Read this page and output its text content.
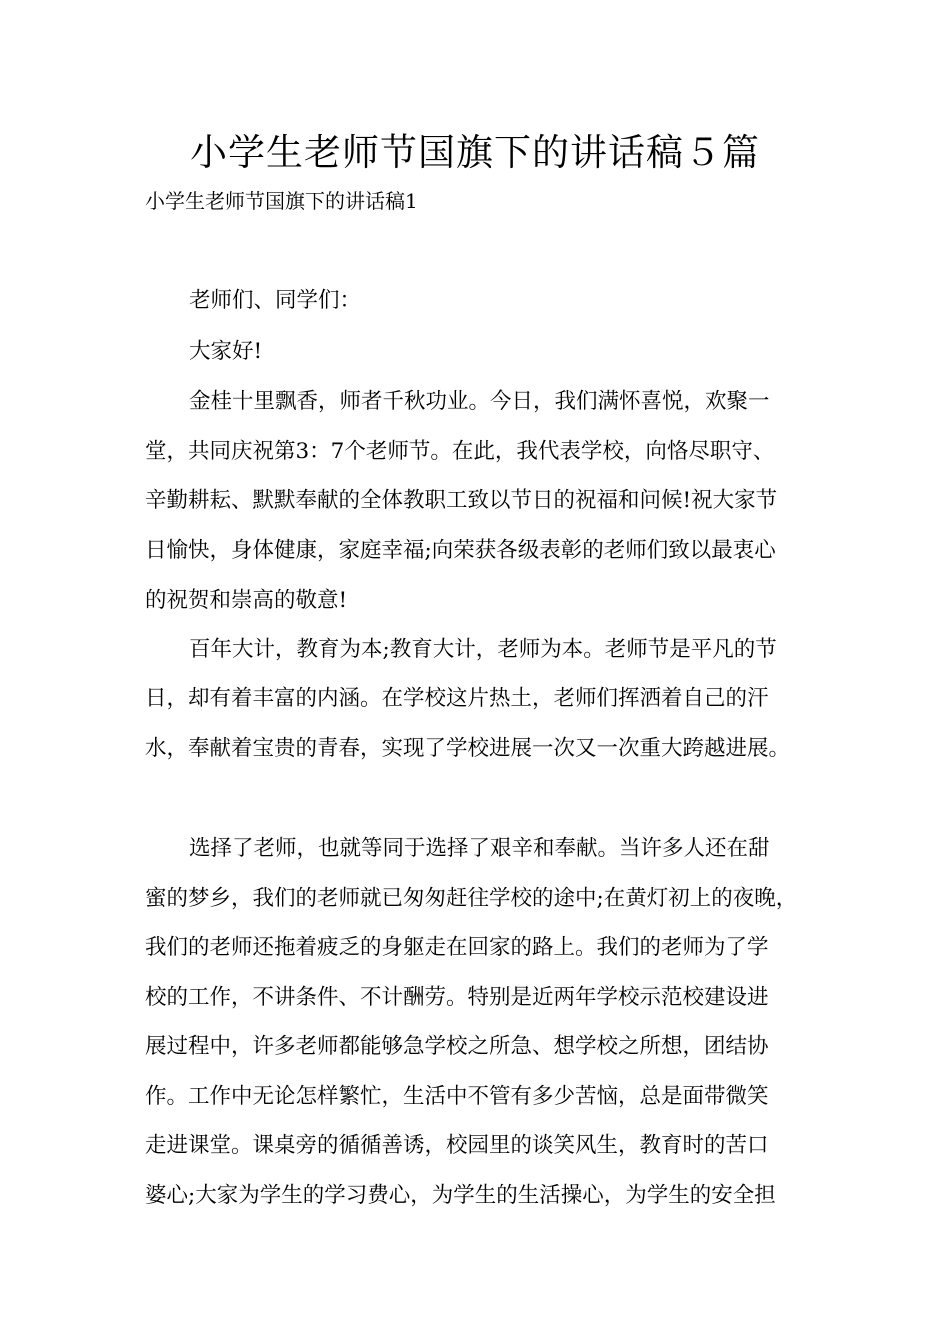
小学生老师节国旗下的讲话稿５篇
小学生老师节国旗下的讲话稿1
老师们、同学们：
大家好!
金桂十里飘香，师者千秋功业。今日，我们满怀喜悦，欢聚一
堂，共同庆祝第3：7个老师节。在此，我代表学校，向恪尽职守、
辛勤耕耘、默默奉献的全体教职工致以节日的祝福和问候!祝大家节
日愉快，身体健康，家庭幸福;向荣获各级表彰的老师们致以最衷心
的祝贺和崇高的敬意!
百年大计，教育为本;教育大计，老师为本。老师节是平凡的节
日，却有着丰富的内涵。在学校这片热土，老师们挥洒着自己的汗
水，奉献着宝贵的青春，实现了学校进展一次又一次重大跨越进展。
选择了老师，也就等同于选择了艰辛和奉献。当许多人还在甜
蜜的梦乡，我们的老师就已匆匆赶往学校的途中;在黄灯初上的夜晚，
我们的老师还拖着疲乏的身躯走在回家的路上。我们的老师为了学
校的工作，不讲条件、不计酬劳。特别是近两年学校示范校建设进
展过程中，许多老师都能够急学校之所急、想学校之所想，团结协
作。工作中无论怎样繁忙，生活中不管有多少苦恼，总是面带微笑
走进课堂。课桌旁的循循善诱，校园里的谈笑风生，教育时的苦口
婆心;大家为学生的学习费心，为学生的生活操心，为学生的安全担
